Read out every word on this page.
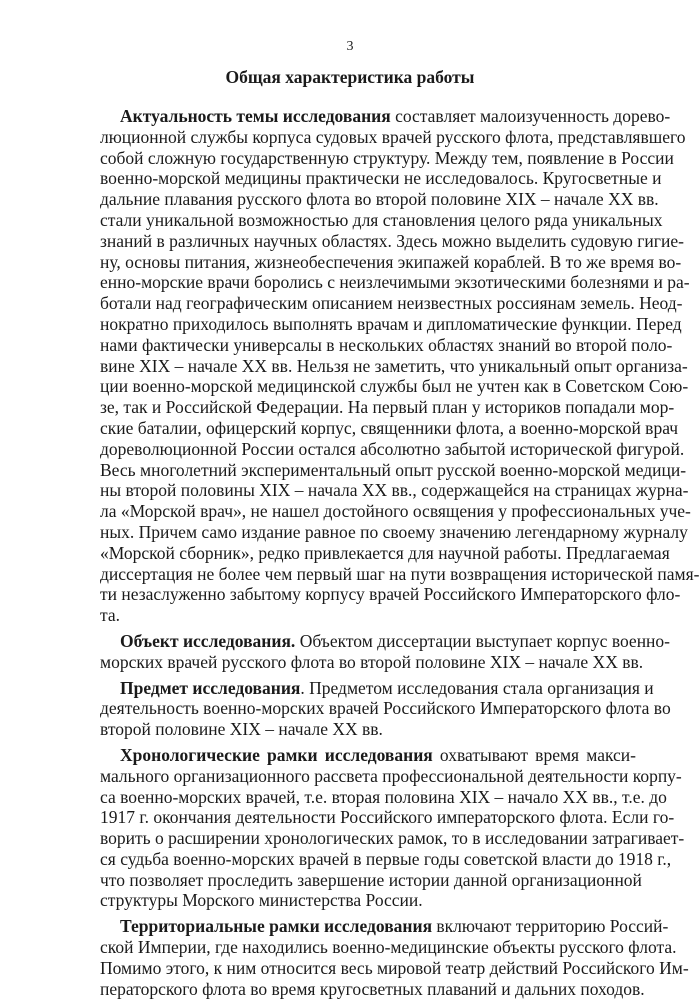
3
Общая характеристика работы
Актуальность темы исследования составляет малоизученность дорево-
люционной службы корпуса судовых врачей русского флота, представлявшего
собой сложную государственную структуру. Между тем, появление в России
военно-морской медицины практически не исследовалось. Кругосветные и
дальние плавания русского флота во второй половине XIX – начале XX вв.
стали уникальной возможностью для становления целого ряда уникальных
знаний в различных научных областях. Здесь можно выделить судовую гигие-
ну, основы питания, жизнеобеспечения экипажей кораблей. В то же время во-
енно-морские врачи боролись с неизлечимыми экзотическими болезнями и ра-
ботали над географическим описанием неизвестных россиянам земель. Неод-
нократно приходилось выполнять врачам и дипломатические функции. Перед
нами фактически универсалы в нескольких областях знаний во второй поло-
вине XIX – начале XX вв. Нельзя не заметить, что уникальный опыт организа-
ции военно-морской медицинской службы был не учтен как в Советском Сою-
зе, так и Российской Федерации. На первый план у историков попадали мор-
ские баталии, офицерский корпус, священники флота, а военно-морской врач
дореволюционной России остался абсолютно забытой исторической фигурой.
Весь многолетний экспериментальный опыт русской военно-морской медици-
ны второй половины XIX – начала XX вв., содержащейся на страницах журна-
ла «Морской врач», не нашел достойного освящения у профессиональных уче-
ных. Причем само издание равное по своему значению легендарному журналу
«Морской сборник», редко привлекается для научной работы. Предлагаемая
диссертация не более чем первый шаг на пути возвращения исторической памя-
ти незаслуженно забытому корпусу врачей Российского Императорского фло-
та.
Объект исследования. Объектом диссертации выступает корпус военно-
морских врачей русского флота во второй половине XIX – начале XX вв.
Предмет исследования. Предметом исследования стала организация и
деятельность военно-морских врачей Российского Императорского флота во
второй половине XIX – начале XX вв.
Хронологические рамки исследования охватывают время макси-
мального организационного рассвета профессиональной деятельности корпу-
са военно-морских врачей, т.е. вторая половина XIX – начало XX вв., т.е. до
1917 г. окончания деятельности Российского императорского флота. Если го-
ворить о расширении хронологических рамок, то в исследовании затрагивает-
ся судьба военно-морских врачей в первые годы советской власти до 1918 г.,
что позволяет проследить завершение истории данной организационной
структуры Морского министерства России.
Территориальные рамки исследования включают территорию Россий-
ской Империи, где находились военно-медицинские объекты русского флота.
Помимо этого, к ним относится весь мировой театр действий Российского Им-
ператорского флота во время кругосветных плаваний и дальних походов.
